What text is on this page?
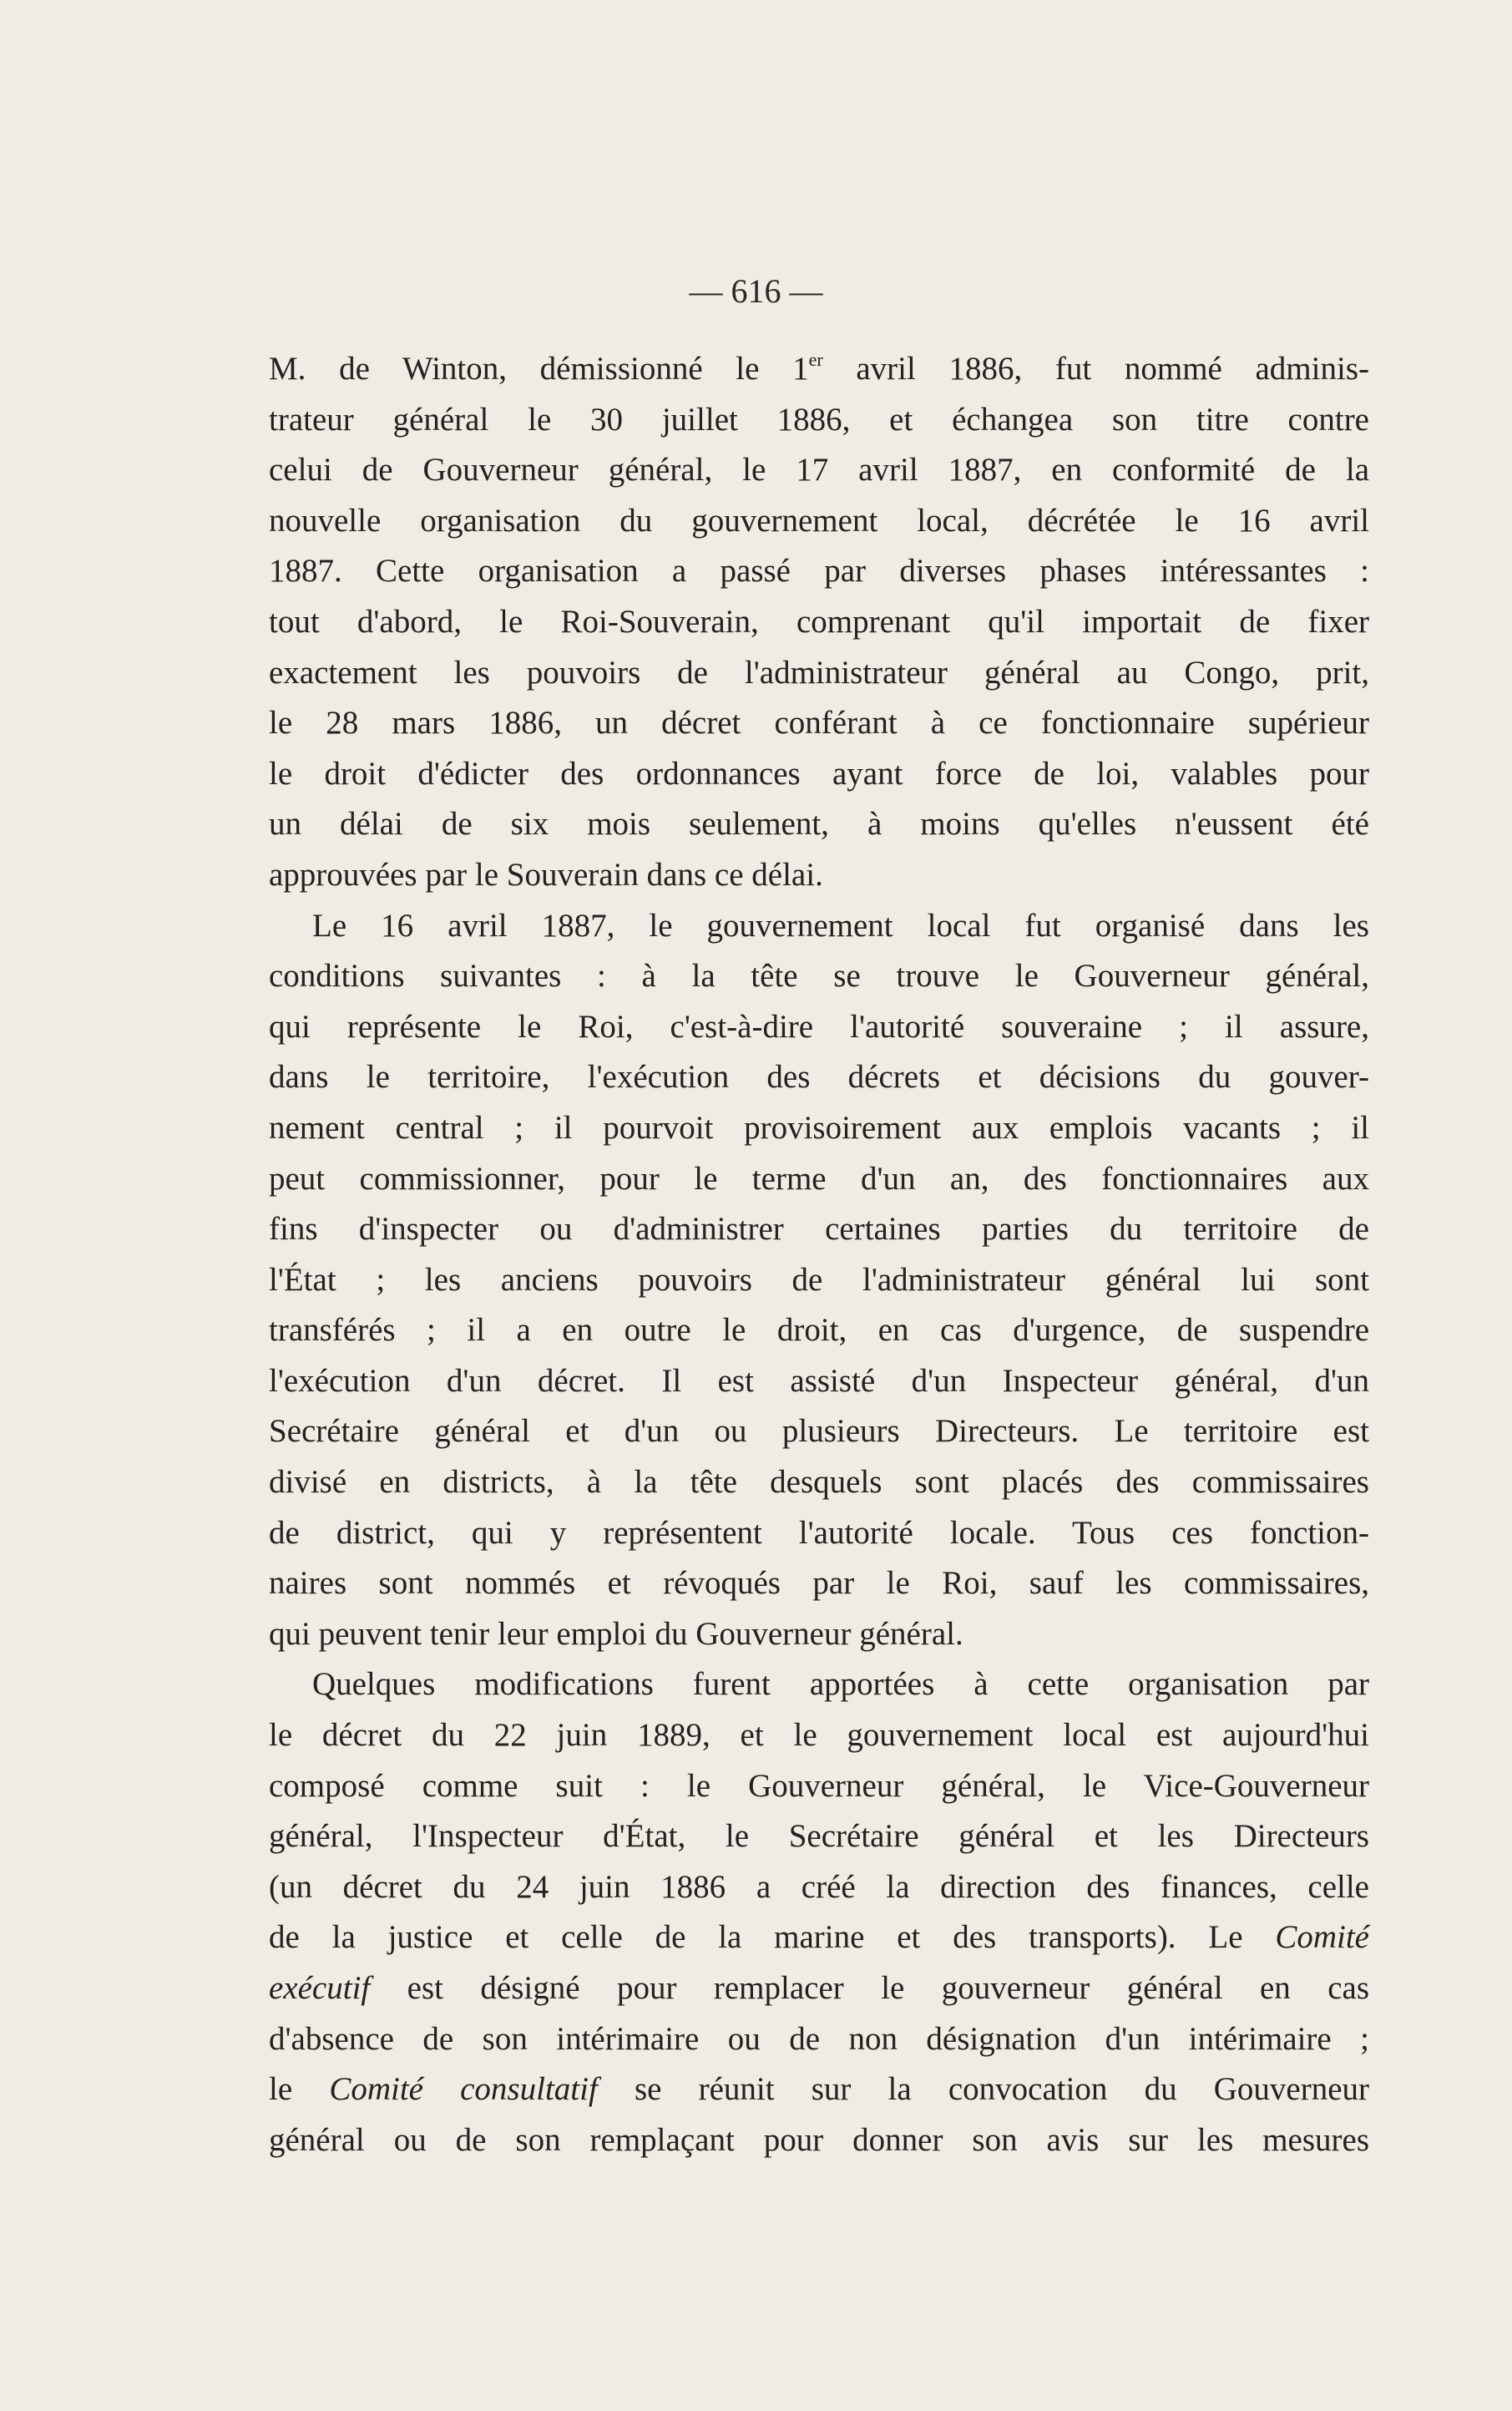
— 616 —

M. de Winton, démissionné le 1er avril 1886, fut nommé adminis-
trateur général le 30 juillet 1886, et échangea son titre contre
celui de Gouverneur général, le 17 avril 1887, en conformité de la
nouvelle organisation du gouvernement local, décrétée le 16 avril
1887. Cette organisation a passé par diverses phases intéressantes :
tout d'abord, le Roi-Souverain, comprenant qu'il importait de fixer
exactement les pouvoirs de l'administrateur général au Congo, prit,
le 28 mars 1886, un décret conférant à ce fonctionnaire supérieur
le droit d'édicter des ordonnances ayant force de loi, valables pour
un délai de six mois seulement, à moins qu'elles n'eussent été
approuvées par le Souverain dans ce délai.

Le 16 avril 1887, le gouvernement local fut organisé dans les
conditions suivantes : à la tête se trouve le Gouverneur général,
qui représente le Roi, c'est-à-dire l'autorité souveraine ; il assure,
dans le territoire, l'exécution des décrets et décisions du gouver-
nement central ; il pourvoit provisoirement aux emplois vacants ; il
peut commissionner, pour le terme d'un an, des fonctionnaires aux
fins d'inspecter ou d'administrer certaines parties du territoire de
l'État ; les anciens pouvoirs de l'administrateur général lui sont
transférés ; il a en outre le droit, en cas d'urgence, de suspendre
l'exécution d'un décret. Il est assisté d'un Inspecteur général, d'un
Secrétaire général et d'un ou plusieurs Directeurs. Le territoire est
divisé en districts, à la tête desquels sont placés des commissaires
de district, qui y représentent l'autorité locale. Tous ces fonction-
naires sont nommés et révoqués par le Roi, sauf les commissaires,
qui peuvent tenir leur emploi du Gouverneur général.

Quelques modifications furent apportées à cette organisation par
le décret du 22 juin 1889, et le gouvernement local est aujourd'hui
composé comme suit : le Gouverneur général, le Vice-Gouverneur
général, l'Inspecteur d'État, le Secrétaire général et les Directeurs
(un décret du 24 juin 1886 a créé la direction des finances, celle
de la justice et celle de la marine et des transports). Le Comité
exécutif est désigné pour remplacer le gouverneur général en cas
d'absence de son intérimaire ou de non désignation d'un intérimaire ;
le Comité consultatif se réunit sur la convocation du Gouverneur
général ou de son remplaçant pour donner son avis sur les mesures
